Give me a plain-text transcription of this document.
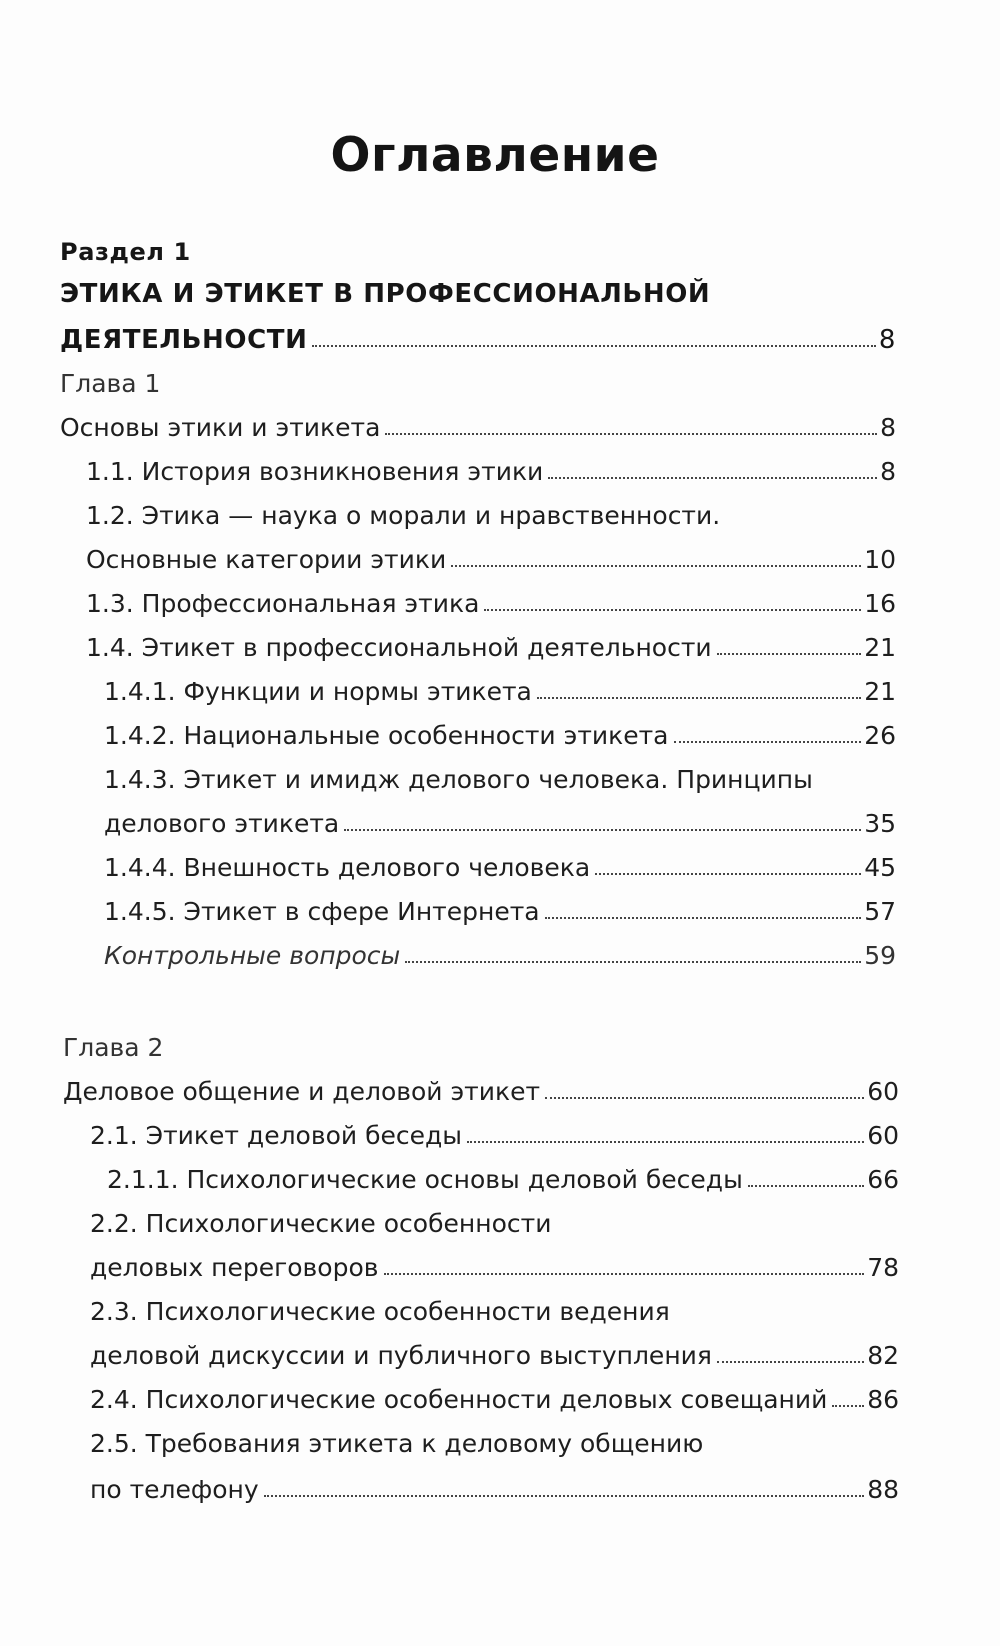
Оглавление
Раздел 1
ЭТИКА И ЭТИКЕТ В ПРОФЕССИОНАЛЬНОЙ
ДЕЯТЕЛЬНОСТИ	8
Глава 1
Основы этики и этикета	8
1.1. История возникновения этики	8
1.2. Этика — наука о морали и нравственности.
Основные категории этики	10
1.3. Профессиональная этика	16
1.4. Этикет в профессиональной деятельности	21
1.4.1. Функции и нормы этикета	21
1.4.2. Национальные особенности этикета	26
1.4.3. Этикет и имидж делового человека. Принципы
делового этикета	35
1.4.4. Внешность делового человека	45
1.4.5. Этикет в сфере Интернета	57
Контрольные вопросы	59
Глава 2
Деловое общение и деловой этикет	60
2.1. Этикет деловой беседы	60
2.1.1. Психологические основы деловой беседы	66
2.2. Психологические особенности
деловых переговоров	78
2.3. Психологические особенности ведения
деловой дискуссии и публичного выступления	82
2.4. Психологические особенности деловых совещаний 86
2.5. Требования этикета к деловому общению
по телефону	88
